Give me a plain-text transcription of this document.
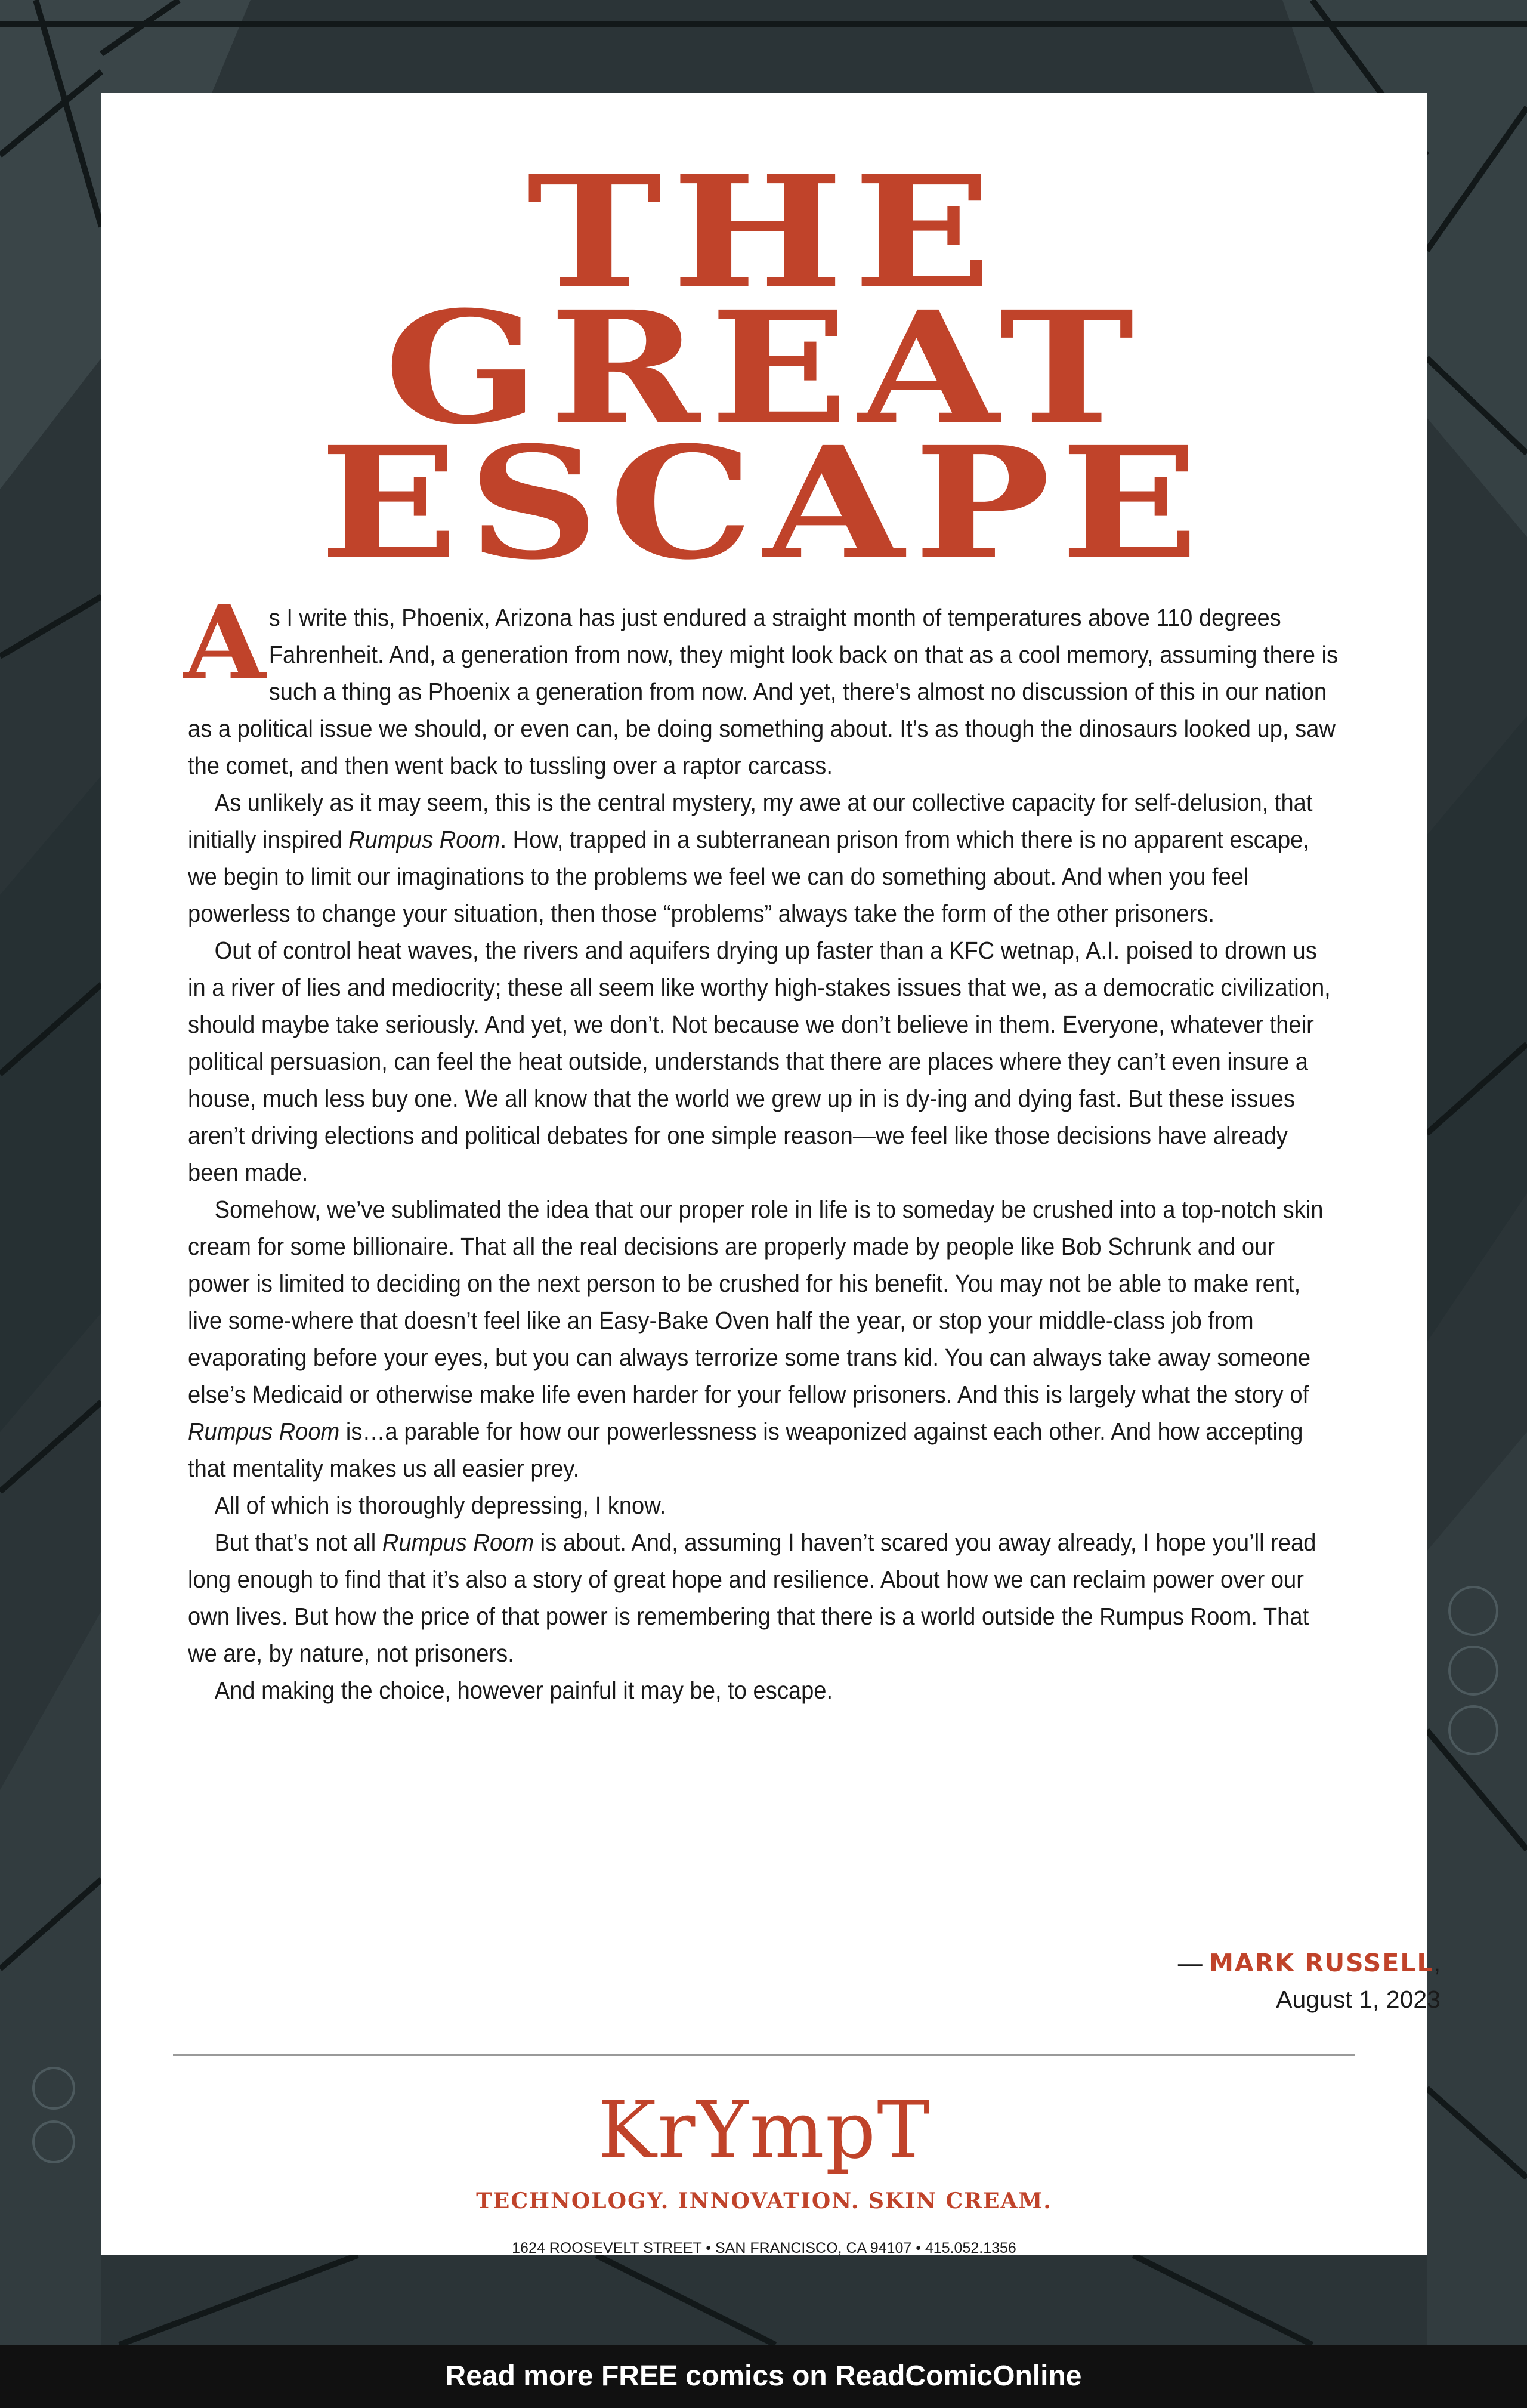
THE
GREAT
ESCAPE

As I write this, Phoenix, Arizona has just endured a straight month of temperatures above 110 degrees Fahrenheit. And, a generation from now, they might look back on that as a cool memory, assuming there is such a thing as Phoenix a generation from now. And yet, there’s almost no discussion of this in our nation as a political issue we should, or even can, be doing something about. It’s as though the dinosaurs looked up, saw the comet, and then went back to tussling over a raptor carcass.

As unlikely as it may seem, this is the central mystery, my awe at our collective capacity for self-delusion, that initially inspired Rumpus Room. How, trapped in a subterranean prison from which there is no apparent escape, we begin to limit our imaginations to the problems we feel we can do something about. And when you feel powerless to change your situation, then those “problems” always take the form of the other prisoners.

Out of control heat waves, the rivers and aquifers drying up faster than a KFC wetnap, A.I. poised to drown us in a river of lies and mediocrity; these all seem like worthy high-stakes issues that we, as a democratic civilization, should maybe take seriously. And yet, we don’t. Not because we don’t believe in them. Everyone, whatever their political persuasion, can feel the heat outside, understands that there are places where they can’t even insure a house, much less buy one. We all know that the world we grew up in is dy-ing and dying fast. But these issues aren’t driving elections and political debates for one simple reason—we feel like those decisions have already been made.

Somehow, we’ve sublimated the idea that our proper role in life is to someday be crushed into a top-notch skin cream for some billionaire. That all the real decisions are properly made by people like Bob Schrunk and our power is limited to deciding on the next person to be crushed for his benefit. You may not be able to make rent, live some-where that doesn’t feel like an Easy-Bake Oven half the year, or stop your middle-class job from evaporating before your eyes, but you can always terrorize some trans kid. You can always take away someone else’s Medicaid or otherwise make life even harder for your fellow prisoners. And this is largely what the story of Rumpus Room is…a parable for how our powerlessness is weaponized against each other. And how accepting that mentality makes us all easier prey.

All of which is thoroughly depressing, I know.

But that’s not all Rumpus Room is about. And, assuming I haven’t scared you away already, I hope you’ll read long enough to find that it’s also a story of great hope and resilience. About how we can reclaim power over our own lives. But how the price of that power is remembering that there is a world outside the Rumpus Room. That we are, by nature, not prisoners.

And making the choice, however painful it may be, to escape.

— MARK RUSSELL,
August 1, 2023
KrYmpT
TECHNOLOGY. INNOVATION. SKIN CREAM.
1624 ROOSEVELT STREET • SAN FRANCISCO, CA 94107 • 415.052.1356
Read more FREE comics on ReadComicOnline
